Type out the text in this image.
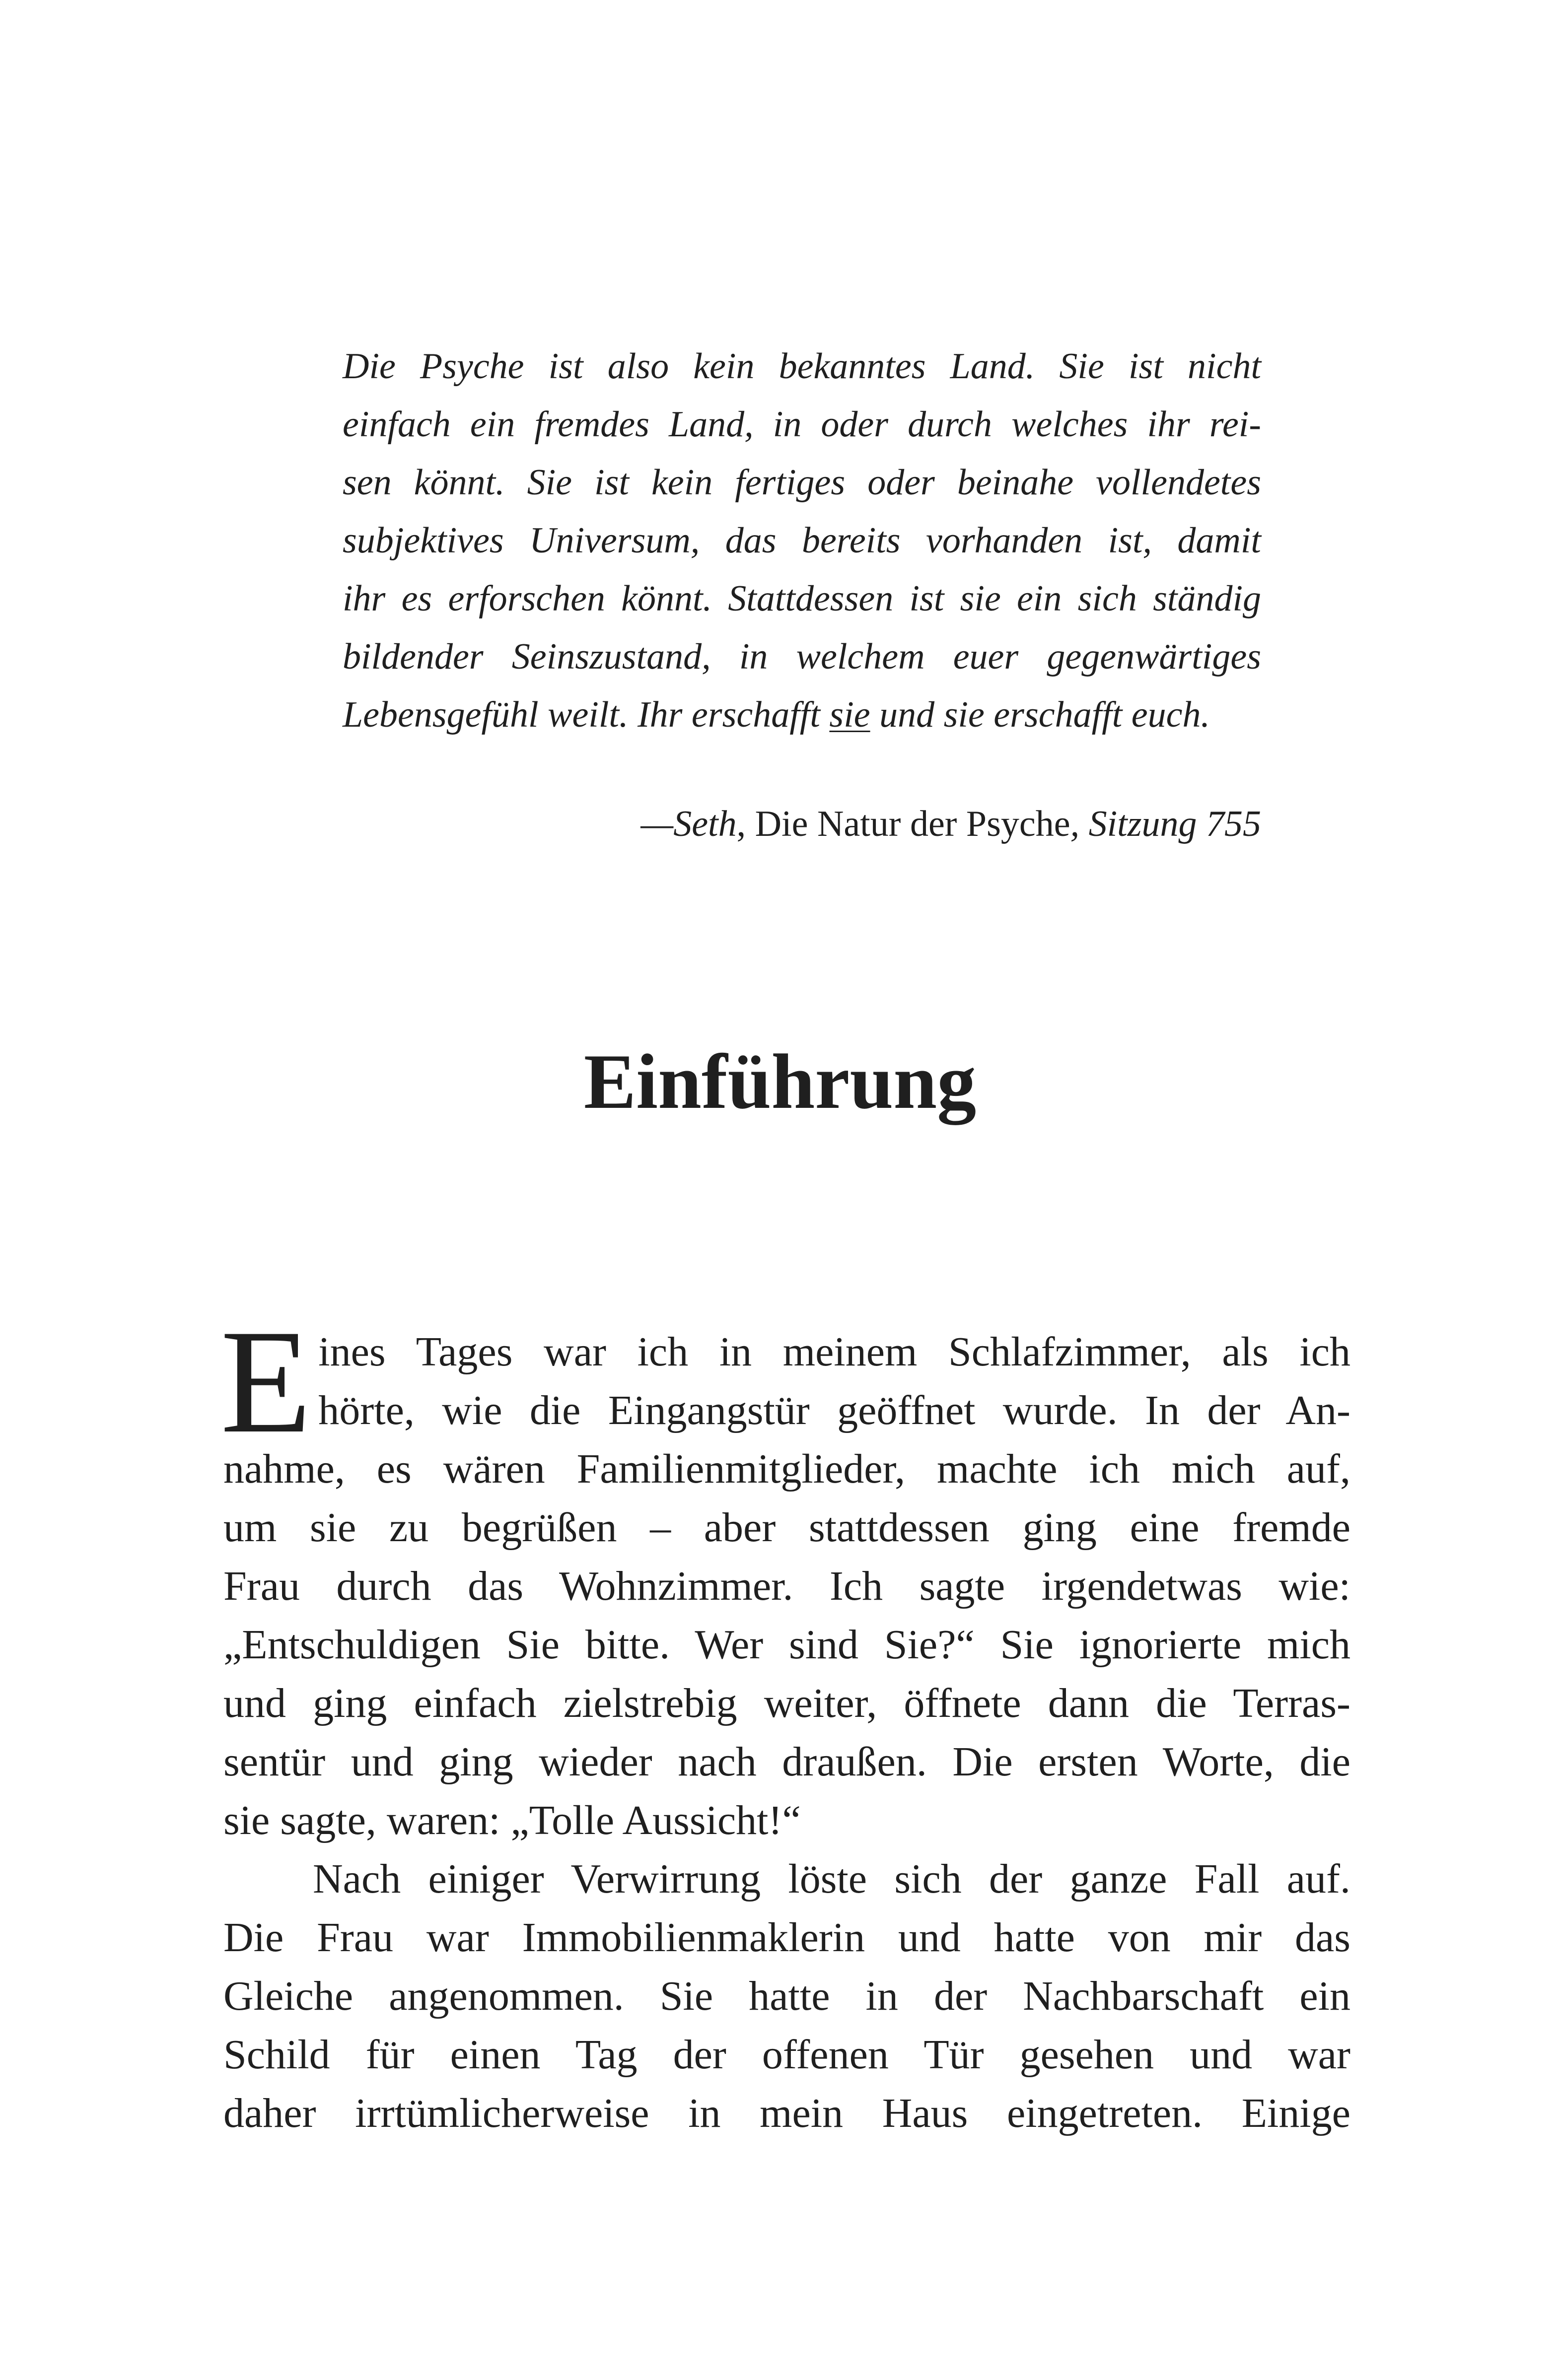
Die Psyche ist also kein bekanntes Land. Sie ist nicht
einfach ein fremdes Land, in oder durch welches ihr rei-
sen könnt. Sie ist kein fertiges oder beinahe vollendetes
subjektives Universum, das bereits vorhanden ist, damit
ihr es erforschen könnt. Stattdessen ist sie ein sich ständig
bildender Seinszustand, in welchem euer gegenwärtiges
Lebensgefühl weilt. Ihr erschafft sie und sie erschafft euch.
—Seth, Die Natur der Psyche, Sitzung 755
Einführung
E ines Tages war ich in meinem Schlafzimmer, als ich
hörte, wie die Eingangstür geöffnet wurde. In der An-
nahme, es wären Familienmitglieder, machte ich mich auf,
um sie zu begrüßen – aber stattdessen ging eine fremde
Frau durch das Wohnzimmer. Ich sagte irgendetwas wie:
„Entschuldigen Sie bitte. Wer sind Sie?“ Sie ignorierte mich
und ging einfach zielstrebig weiter, öffnete dann die Terras-
sentür und ging wieder nach draußen. Die ersten Worte, die
sie sagte, waren: „Tolle Aussicht!“
Nach einiger Verwirrung löste sich der ganze Fall auf.
Die Frau war Immobilienmaklerin und hatte von mir das
Gleiche angenommen. Sie hatte in der Nachbarschaft ein
Schild für einen Tag der offenen Tür gesehen und war
daher irrtümlicherweise in mein Haus eingetreten. Einige
